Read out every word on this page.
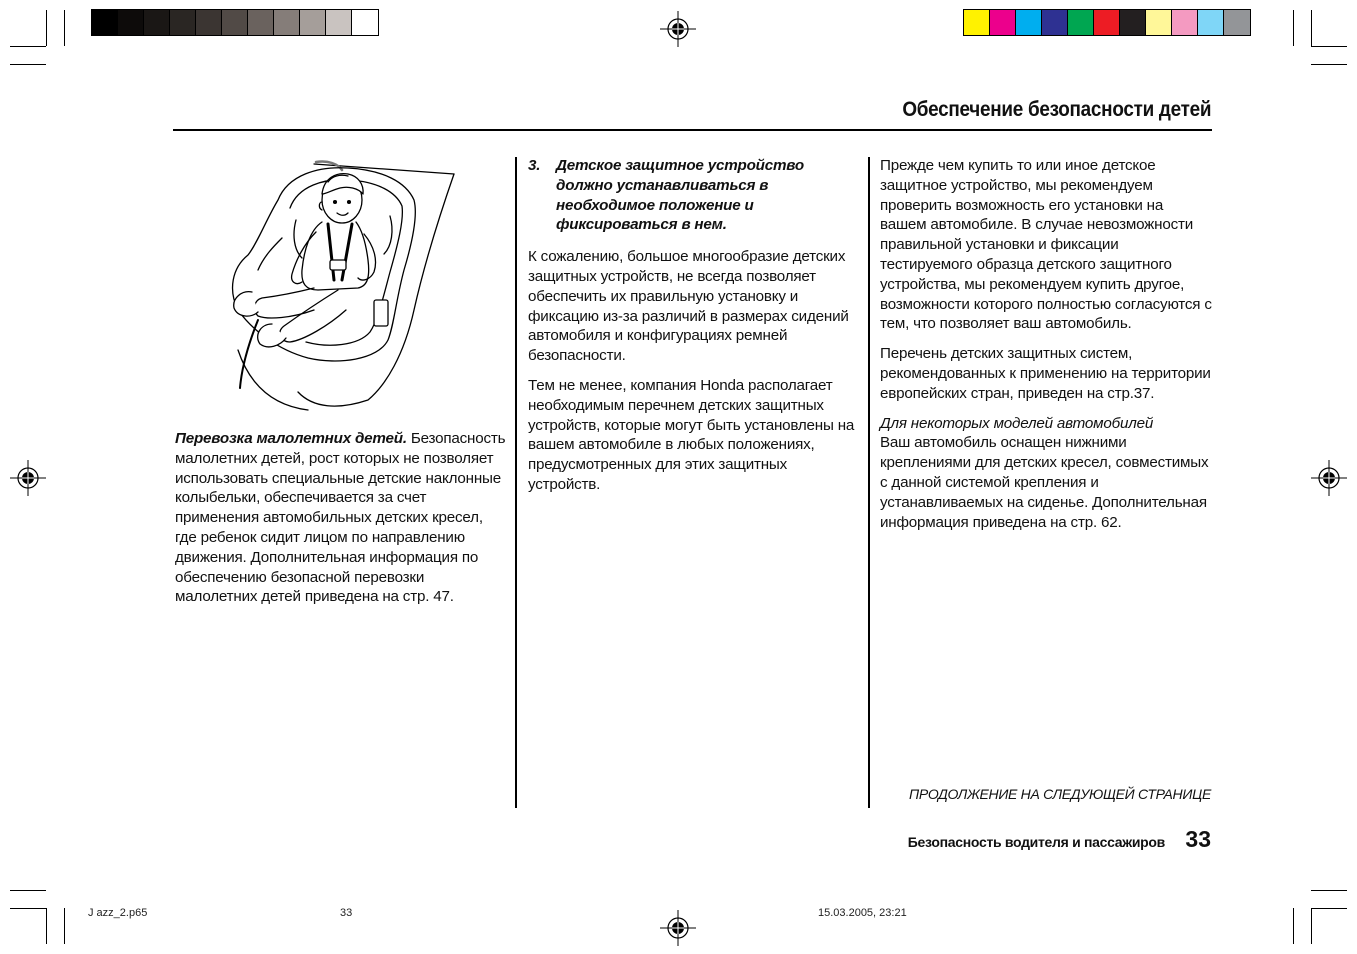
Обеспечение безопасности детей

Перевозка малолетних детей. Безопасность малолетних детей, рост которых не позволяет использовать специальные детские наклонные колыбельки, обеспечивается за счет применения автомобильных детских кресел, где ребенок сидит лицом по направлению движения. Дополнительная информация по обеспечению безопасной перевозки малолетних детей приведена на стр. 47.

3.	Детское защитное устройство должно устанавливаться в необходимое положение и фиксироваться в нем.

К сожалению, большое многообразие детских защитных устройств, не всегда позволяет обеспечить их правильную установку и фиксацию из-за различий в размерах сидений автомобиля и конфигурациях ремней безопасности.

Тем не менее, компания Honda располагает необходимым перечнем детских защитных устройств, которые могут быть установлены на вашем автомобиле в любых положениях, предусмотренных для этих защитных устройств.

Прежде чем купить то или иное детское защитное устройство, мы рекомендуем проверить возможность его установки на вашем автомобиле. В случае невозможности правильной установки и фиксации тестируемого образца детского защитного устройства, мы рекомендуем купить другое, возможности которого полностью согласуются с тем, что позволяет ваш автомобиль.

Перечень детских защитных систем, рекомендованных к применению на территории европейских стран, приведен на стр.37.

Для некоторых моделей автомобилей
Ваш автомобиль оснащен нижними креплениями для детских кресел, совместимых с данной системой крепления и устанавливаемых на сиденье. Дополнительная информация приведена на стр. 62.
ПРОДОЛЖЕНИЕ НА СЛЕДУЮЩЕЙ СТРАНИЦЕ
Безопасность водителя и пассажиров 33
J azz_2.p65	33	15.03.2005, 23:21
